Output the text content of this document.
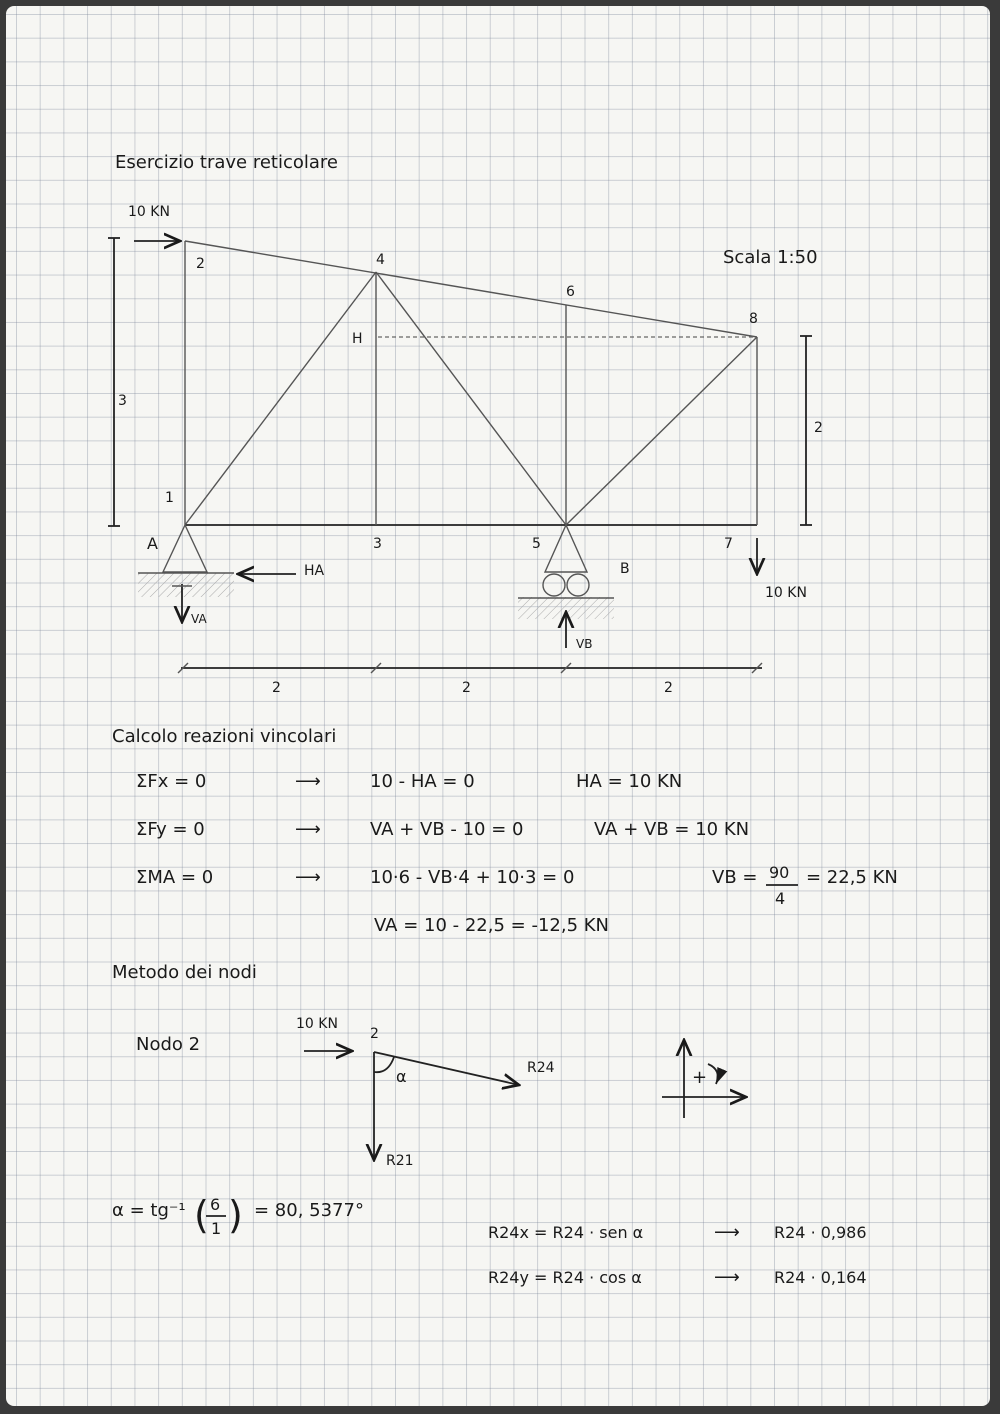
Esercizio trave reticolare
Scala 1:50
1
2
3
4
5
6
7
8
H
3
2
10 KN
10 KN
A
HA
VA
B
VB
2	2	2
Calcolo reazioni vincolari
ΣFx = 0	⟶	10 - HA = 0	HA = 10 KN
ΣFy = 0	⟶	VA + VB - 10 = 0	VA + VB = 10 KN
ΣMA = 0	⟶	10·6 - VB·4 + 10·3 = 0	VB = 90
4
= 22,5 KN
VA = 10 - 22,5 = -12,5 KN
Metodo dei nodi
Nodo 2
10 KN
2
α	R24
R21
+
α = tg⁻¹ ( 6
1 ) = 80, 5377°
R24x = R24 · sen α	⟶ R24 · 0,986
R24y = R24 · cos α	⟶ R24 · 0,164
